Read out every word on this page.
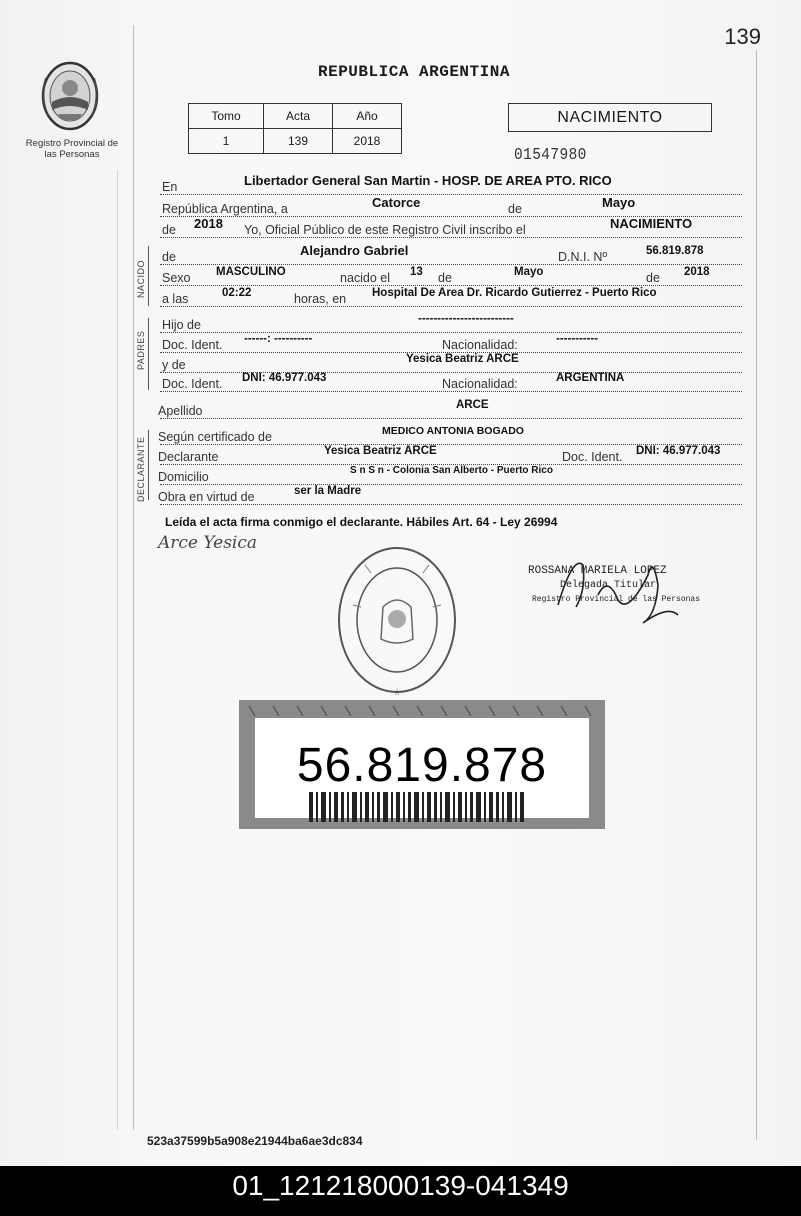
139
Registro Provincial de las Personas
REPUBLICA ARGENTINA
Tomo	Acta	Año
1	139	2018
NACIMIENTO
01547980
En	Libertador General San Martin - HOSP. DE AREA PTO. RICO
República Argentina, a	Catorce	de	Mayo
de 2018 Yo, Oficial Público de este Registro Civil inscribo el	NACIMIENTO
NACIDO
de	Alejandro Gabriel	D.N.I. Nº	56.819.878
Sexo MASCULINO	nacido el 13 de	Mayo	de 2018
a las	02:22	horas, en Hospital De Area Dr. Ricardo Gutierrez - Puerto Rico
PADRES
Hijo de	-------------------------
Doc. Ident. ------: ----------	Nacionalidad:	-----------
y de	Yesica Beatriz ARCE
Doc. Ident. DNI: 46.977.043	Nacionalidad:	ARGENTINA
Apellido	ARCE
DECLARANTE Según certificado de	MEDICO ANTONIA BOGADO
Declarante	Yesica Beatriz ARCE	Doc. Ident. DNI: 46.977.043
Domicilio	S n S n - Colonia San Alberto - Puerto Rico
Obra en virtud de	ser la Madre
Leída el acta firma conmigo el declarante. Hábiles Art. 64 - Ley 26994
Arce Yesica
☆
ROSSANA MARIELA LOPEZ
Delegada Titular
Registro Provincial de las Personas
56.819.878
523a37599b5a908e21944ba6ae3dc834
01_121218000139-041349
